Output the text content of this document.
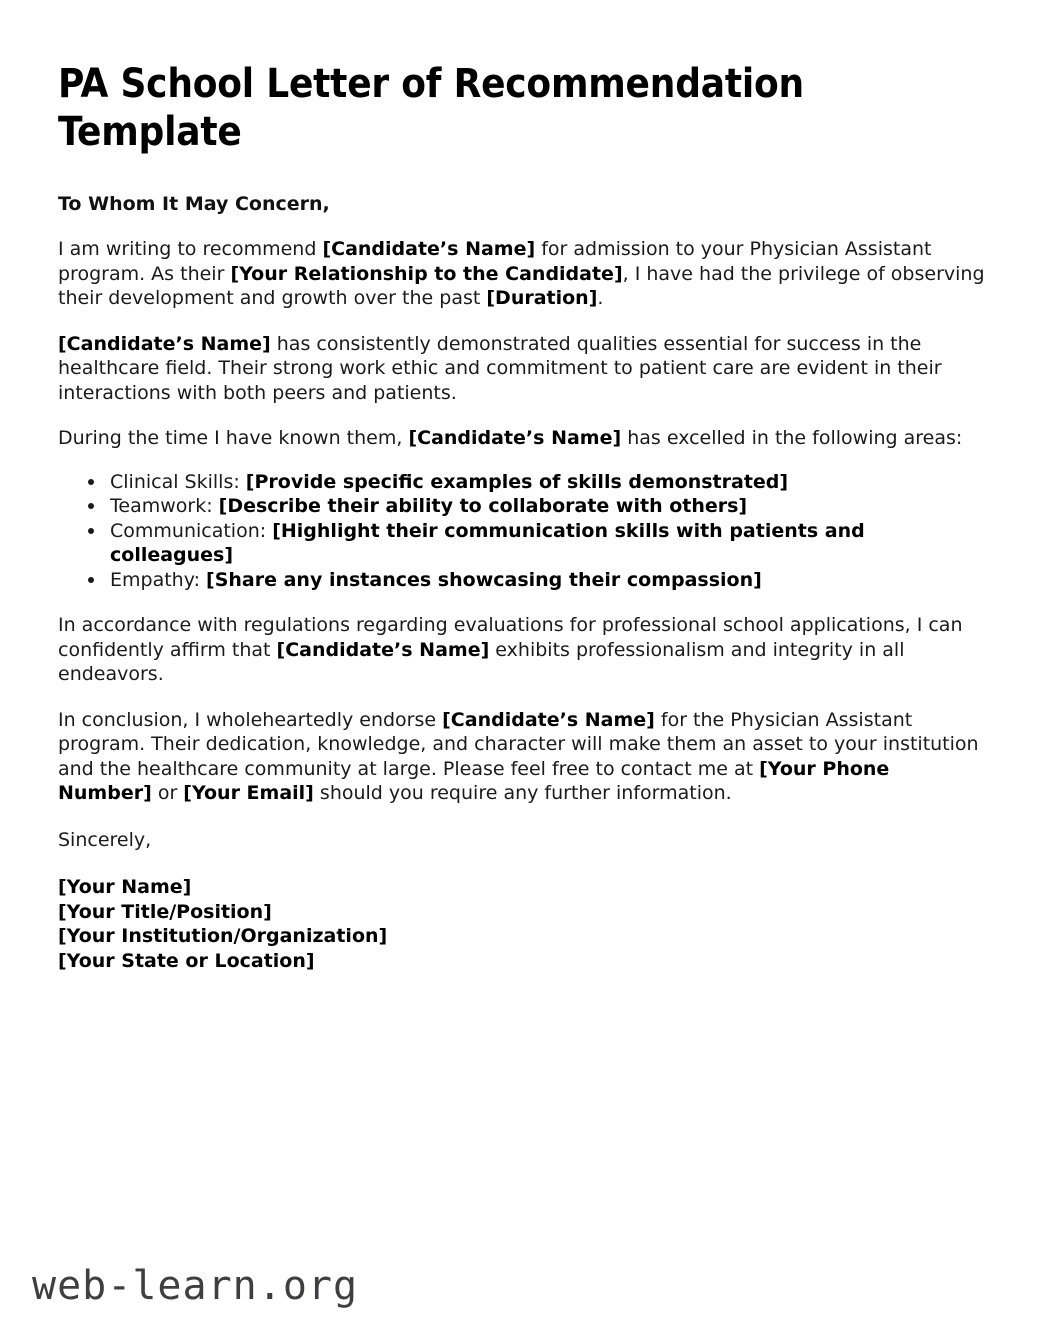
PA School Letter of Recommendation Template
To Whom It May Concern,

I am writing to recommend [Candidate’s Name] for admission to your Physician Assistant program. As their [Your Relationship to the Candidate], I have had the privilege of observing their development and growth over the past [Duration].

[Candidate’s Name] has consistently demonstrated qualities essential for success in the healthcare field. Their strong work ethic and commitment to patient care are evident in their interactions with both peers and patients.

During the time I have known them, [Candidate’s Name] has excelled in the following areas:

Clinical Skills: [Provide specific examples of skills demonstrated]
Teamwork: [Describe their ability to collaborate with others]
Communication: [Highlight their communication skills with patients and colleagues]
Empathy: [Share any instances showcasing their compassion]

In accordance with regulations regarding evaluations for professional school applications, I can confidently affirm that [Candidate’s Name] exhibits professionalism and integrity in all endeavors.

In conclusion, I wholeheartedly endorse [Candidate’s Name] for the Physician Assistant program. Their dedication, knowledge, and character will make them an asset to your institution and the healthcare community at large. Please feel free to contact me at [Your Phone Number] or [Your Email] should you require any further information.

Sincerely,
[Your Name]
[Your Title/Position]
[Your Institution/Organization]
[Your State or Location]
web-learn.org
